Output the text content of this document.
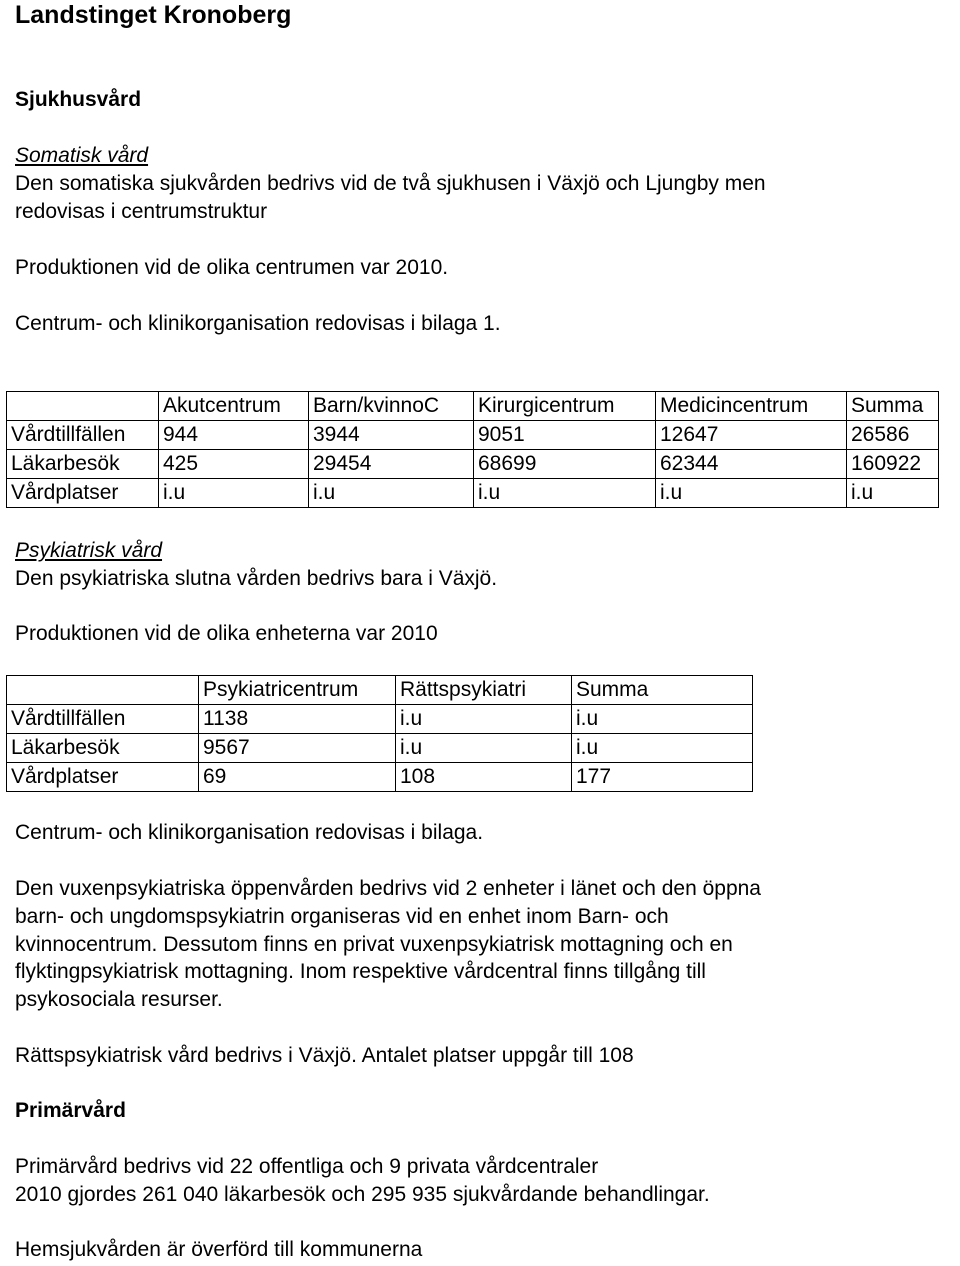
Landstinget Kronoberg

Sjukhusvård

Somatisk vård

Den somatiska sjukvården bedrivs vid de två sjukhusen i Växjö och Ljungby men

redovisas i centrumstruktur

Produktionen vid de olika centrumen var 2010.

Centrum- och klinikorganisation redovisas i bilaga 1.

	Akutcentrum	Barn/kvinnoC	Kirurgicentrum	Medicincentrum	Summa
Vårdtillfällen	944	3944	9051	12647	26586
Läkarbesök	425	29454	68699	62344	160922
Vårdplatser	i.u	i.u	i.u	i.u	i.u

Psykiatrisk vård

Den psykiatriska slutna vården bedrivs bara i Växjö.

Produktionen vid de olika enheterna var 2010

	Psykiatricentrum	Rättspsykiatri	Summa
Vårdtillfällen	1138	i.u	i.u
Läkarbesök	9567	i.u	i.u
Vårdplatser	69	108	177

Centrum- och klinikorganisation redovisas i bilaga.

Den vuxenpsykiatriska öppenvården bedrivs vid 2 enheter i länet och den öppna

barn- och ungdomspsykiatrin organiseras vid en enhet inom Barn- och

kvinnocentrum. Dessutom finns en privat vuxenpsykiatrisk mottagning och en

flyktingpsykiatrisk mottagning. Inom respektive vårdcentral finns tillgång till

psykosociala resurser.

Rättspsykiatrisk vård bedrivs i Växjö. Antalet platser uppgår till 108

Primärvård

Primärvård bedrivs vid 22 offentliga och 9 privata vårdcentraler

2010 gjordes 261 040 läkarbesök och 295 935 sjukvårdande behandlingar.

Hemsjukvården är överförd till kommunerna
